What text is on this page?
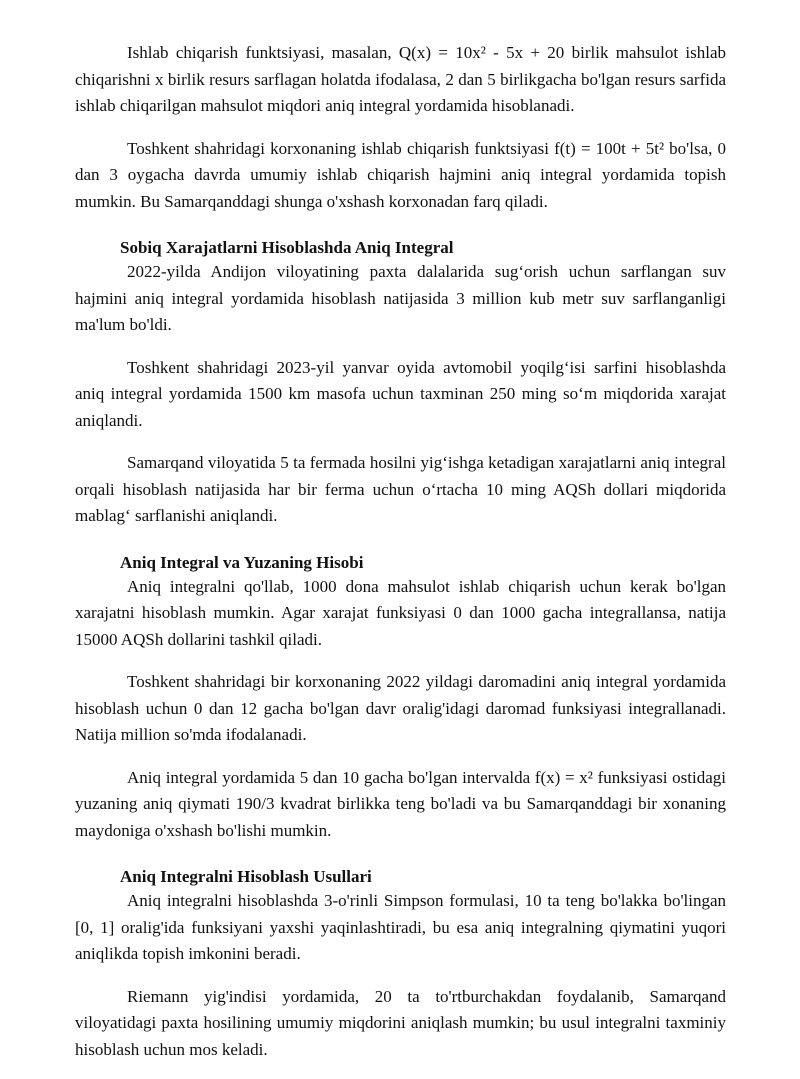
Ishlab chiqarish funktsiyasi, masalan, Q(x) = 10x² - 5x + 20 birlik mahsulot ishlab chiqarishni x birlik resurs sarflagan holatda ifodalasa, 2 dan 5 birlikgacha bo'lgan resurs sarfida ishlab chiqarilgan mahsulot miqdori aniq integral yordamida hisoblanadi.

Toshkent shahridagi korxonaning ishlab chiqarish funktsiyasi f(t) = 100t + 5t² bo'lsa, 0 dan 3 oygacha davrda umumiy ishlab chiqarish hajmini aniq integral yordamida topish mumkin. Bu Samarqanddagi shunga o'xshash korxonadan farq qiladi.

Sobiq Xarajatlarni Hisoblashda Aniq Integral

2022-yilda Andijon viloyatining paxta dalalarida sug‘orish uchun sarflangan suv hajmini aniq integral yordamida hisoblash natijasida 3 million kub metr suv sarflanganligi ma'lum bo'ldi.

Toshkent shahridagi 2023-yil yanvar oyida avtomobil yoqilg‘isi sarfini hisoblashda aniq integral yordamida 1500 km masofa uchun taxminan 250 ming so‘m miqdorida xarajat aniqlandi.

Samarqand viloyatida 5 ta fermada hosilni yig‘ishga ketadigan xarajatlarni aniq integral orqali hisoblash natijasida har bir ferma uchun o‘rtacha 10 ming AQSh dollari miqdorida mablag‘ sarflanishi aniqlandi.

Aniq Integral va Yuzaning Hisobi

Aniq integralni qo'llab, 1000 dona mahsulot ishlab chiqarish uchun kerak bo'lgan xarajatni hisoblash mumkin. Agar xarajat funksiyasi 0 dan 1000 gacha integrallansa, natija 15000 AQSh dollarini tashkil qiladi.

Toshkent shahridagi bir korxonaning 2022 yildagi daromadini aniq integral yordamida hisoblash uchun 0 dan 12 gacha bo'lgan davr oralig'idagi daromad funksiyasi integrallanadi. Natija million so'mda ifodalanadi.

Aniq integral yordamida 5 dan 10 gacha bo'lgan intervalda f(x) = x² funksiyasi ostidagi yuzaning aniq qiymati 190/3 kvadrat birlikka teng bo'ladi va bu Samarqanddagi bir xonaning maydoniga o'xshash bo'lishi mumkin.

Aniq Integralni Hisoblash Usullari

Aniq integralni hisoblashda 3-o'rinli Simpson formulasi, 10 ta teng bo'lakka bo'lingan [0, 1] oralig'ida funksiyani yaxshi yaqinlashtiradi, bu esa aniq integralning qiymatini yuqori aniqlikda topish imkonini beradi.

Riemann yig'indisi yordamida, 20 ta to'rtburchakdan foydalanib, Samarqand viloyatidagi paxta hosilining umumiy miqdorini aniqlash mumkin; bu usul integralni taxminiy hisoblash uchun mos keladi.
